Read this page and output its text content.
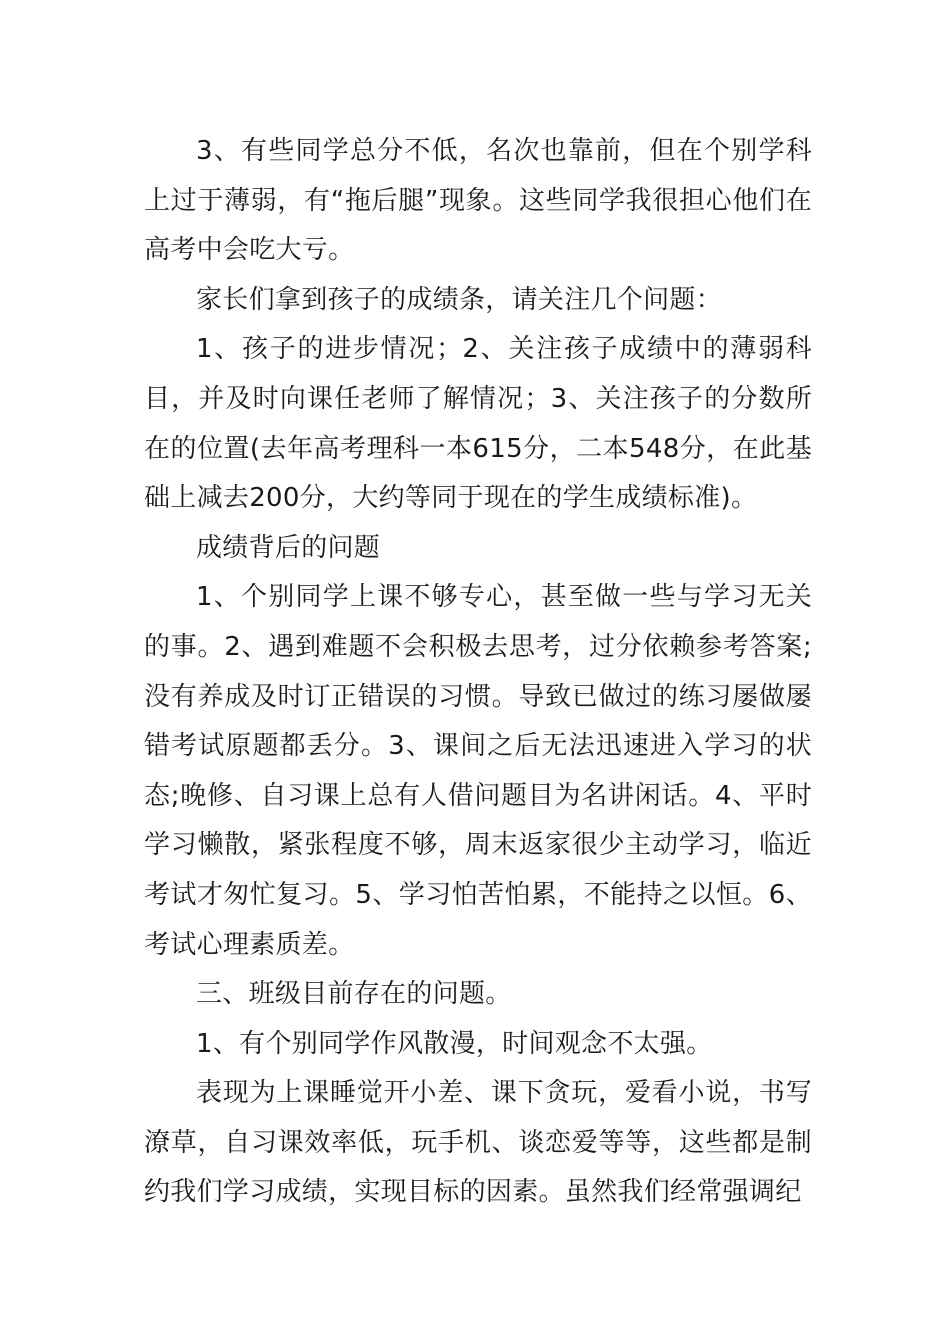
3、有些同学总分不低，名次也靠前，但在个别学科上过于薄弱，有“拖后腿”现象。这些同学我很担心他们在高考中会吃大亏。

家长们拿到孩子的成绩条，请关注几个问题：

1、孩子的进步情况；2、关注孩子成绩中的薄弱科目，并及时向课任老师了解情况；3、关注孩子的分数所在的位置(去年高考理科一本615分，二本548分，在此基础上减去200分，大约等同于现在的学生成绩标准)。

成绩背后的问题

1、个别同学上课不够专心，甚至做一些与学习无关的事。2、遇到难题不会积极去思考，过分依赖参考答案;没有养成及时订正错误的习惯。导致已做过的练习屡做屡错考试原题都丢分。3、课间之后无法迅速进入学习的状态;晚修、自习课上总有人借问题目为名讲闲话。4、平时学习懒散，紧张程度不够，周末返家很少主动学习，临近考试才匆忙复习。5、学习怕苦怕累，不能持之以恒。6、考试心理素质差。

三、班级目前存在的问题。

1、有个别同学作风散漫，时间观念不太强。

表现为上课睡觉开小差、课下贪玩，爱看小说，书写潦草，自习课效率低，玩手机、谈恋爱等等，这些都是制约我们学习成绩，实现目标的因素。虽然我们经常强调纪
